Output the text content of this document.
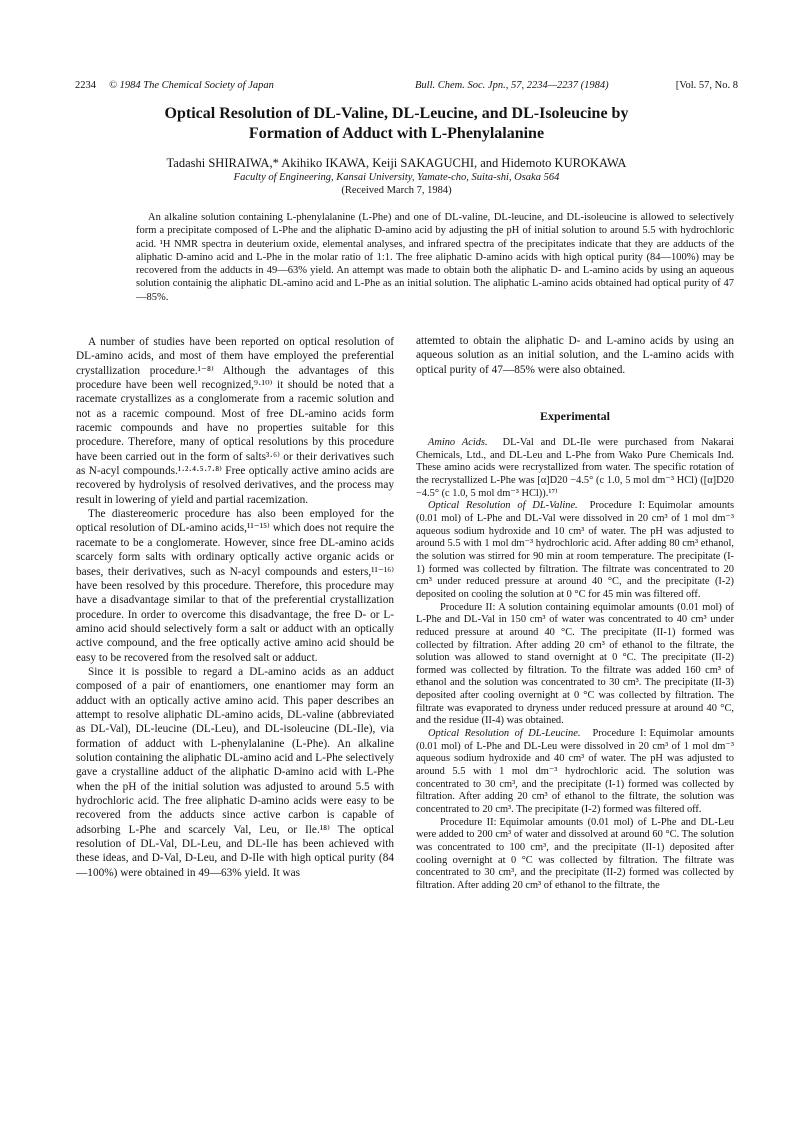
2234 © 1984 The Chemical Society of Japan	Bull. Chem. Soc. Jpn., 57, 2234—2237 (1984)	[Vol. 57, No. 8
Optical Resolution of DL-Valine, DL-Leucine, and DL-Isoleucine by
Formation of Adduct with L-Phenylalanine
Tadashi SHIRAIWA,* Akihiko IKAWA, Keiji SAKAGUCHI, and Hidemoto KUROKAWA
Faculty of Engineering, Kansai University, Yamate-cho, Suita-shi, Osaka 564
(Received March 7, 1984)
An alkaline solution containing L-phenylalanine (L-Phe) and one of DL-valine, DL-leucine, and DL-isoleucine is allowed to selectively form a precipitate composed of L-Phe and the aliphatic D-amino acid by adjusting the pH of initial solution to around 5.5 with hydrochloric acid. ¹H NMR spectra in deuterium oxide, elemental analyses, and infrared spectra of the precipitates indicate that they are adducts of the aliphatic D-amino acid and L-Phe in the molar ratio of 1:1. The free aliphatic D-amino acids with high optical purity (84—100%) may be recovered from the adducts in 49—63% yield. An attempt was made to obtain both the aliphatic D- and L-amino acids by using an aqueous solution containig the aliphatic DL-amino acid and L-Phe as an initial solution. The aliphatic L-amino acids obtained had optical purity of 47—85%.

A number of studies have been reported on optical resolution of DL-amino acids, and most of them have employed the preferential crystallization procedure.¹⁻⁸⁾ Although the advantages of this procedure have been well recognized,⁹·¹⁰⁾ it should be noted that a racemate crystallizes as a conglomerate from a racemic solution and not as a racemic compound. Most of free DL-amino acids form racemic compounds and have no properties suitable for this procedure. Therefore, many of optical resolutions by this procedure have been carried out in the form of salts³·⁶⁾ or their derivatives such as N-acyl compounds.¹·²·⁴·⁵·⁷·⁸⁾ Free optically active amino acids are recovered by hydrolysis of resolved derivatives, and the process may result in lowering of yield and partial racemization.

The diastereomeric procedure has also been employed for the optical resolution of DL-amino acids,¹¹⁻¹⁵⁾ which does not require the racemate to be a conglomerate. However, since free DL-amino acids scarcely form salts with ordinary optically active organic acids or bases, their derivatives, such as N-acyl compounds and esters,¹¹⁻¹⁶⁾ have been resolved by this procedure. Therefore, this procedure may have a disadvantage similar to that of the preferential crystallization procedure. In order to overcome this disadvantage, the free D- or L-amino acid should selectively form a salt or adduct with an optically active compound, and the free optically active amino acid should be easy to be recovered from the resolved salt or adduct.

Since it is possible to regard a DL-amino acids as an adduct composed of a pair of enantiomers, one enantiomer may form an adduct with an optically active amino acid. This paper describes an attempt to resolve aliphatic DL-amino acids, DL-valine (abbreviated as DL-Val), DL-leucine (DL-Leu), and DL-isoleucine (DL-Ile), via formation of adduct with L-phenylalanine (L-Phe). An alkaline solution containing the aliphatic DL-amino acid and L-Phe selectively gave a crystalline adduct of the aliphatic D-amino acid with L-Phe when the pH of the initial solution was adjusted to around 5.5 with hydrochloric acid. The free aliphatic D-amino acids were easy to be recovered from the adducts since active carbon is capable of adsorbing L-Phe and scarcely Val, Leu, or Ile.¹⁸⁾ The optical resolution of DL-Val, DL-Leu, and DL-Ile has been achieved with these ideas, and D-Val, D-Leu, and D-Ile with high optical purity (84—100%) were obtained in 49—63% yield. It was

attemted to obtain the aliphatic D- and L-amino acids by using an aqueous solution as an initial solution, and the L-amino acids with optical purity of 47—85% were also obtained.

Experimental

Amino Acids. DL-Val and DL-Ile were purchased from Nakarai Chemicals, Ltd., and DL-Leu and L-Phe from Wako Pure Chemicals Ind. These amino acids were recrystallized from water. The specific rotation of the recrystallized L-Phe was [α]D20 −4.5° (c 1.0, 5 mol dm⁻³ HCl) ([α]D20 −4.5° (c 1.0, 5 mol dm⁻³ HCl)).¹⁷⁾

Optical Resolution of DL-Valine. Procedure I: Equimolar amounts (0.01 mol) of L-Phe and DL-Val were dissolved in 20 cm³ of 1 mol dm⁻³ aqueous sodium hydroxide and 10 cm³ of water. The pH was adjusted to around 5.5 with 1 mol dm⁻³ hydrochloric acid. After adding 80 cm³ ethanol, the solution was stirred for 90 min at room temperature. The precipitate (I-1) formed was collected by filtration. The filtrate was concentrated to 20 cm³ under reduced pressure at around 40 °C, and the precipitate (I-2) deposited on cooling the solution at 0 °C for 45 min was filtered off.

Procedure II: A solution containing equimolar amounts (0.01 mol) of L-Phe and DL-Val in 150 cm³ of water was concentrated to 40 cm³ under reduced pressure at around 40 °C. The precipitate (II-1) formed was collected by filtration. After adding 20 cm³ of ethanol to the filtrate, the solution was allowed to stand overnight at 0 °C. The precipitate (II-2) formed was collected by filtration. To the filtrate was added 160 cm³ of ethanol and the solution was concentrated to 30 cm³. The precipitate (II-3) deposited after cooling overnight at 0 °C was collected by filtration. The filtrate was evaporated to dryness under reduced pressure at around 40 °C, and the residue (II-4) was obtained.

Optical Resolution of DL-Leucine. Procedure I: Equimolar amounts (0.01 mol) of L-Phe and DL-Leu were dissolved in 20 cm³ of 1 mol dm⁻³ aqueous sodium hydroxide and 40 cm³ of water. The pH was adjusted to around 5.5 with 1 mol dm⁻³ hydrochloric acid. The solution was concentrated to 30 cm³, and the precipitate (I-1) formed was collected by filtration. After adding 20 cm³ of ethanol to the filtrate, the solution was concentrated to 20 cm³. The precipitate (I-2) formed was filtered off.

Procedure II: Equimolar amounts (0.01 mol) of L-Phe and DL-Leu were added to 200 cm³ of water and dissolved at around 60 °C. The solution was concentrated to 100 cm³, and the precipitate (II-1) deposited after cooling overnight at 0 °C was collected by filtration. The filtrate was concentrated to 30 cm³, and the precipitate (II-2) formed was collected by filtration. After adding 20 cm³ of ethanol to the filtrate, the
